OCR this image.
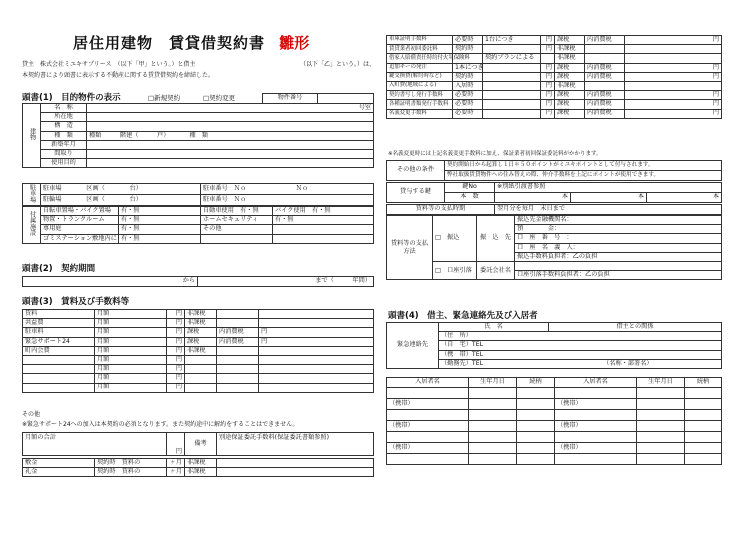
居住用建物　賃貸借契約書 雛形
貸主　株式会社ミユキサプリース　（以下「甲」という。）と借主	（以下「乙」という。）は、
本契約書により頭書に表示する不動産に関する賃貸借契約を締結した。
頭書(1)　目的物件の表示	□新規契約	□契約変更	物件番号	
建物	名　称	号室
	所在地	
	構　造	
	種　類	種類　　　階建（　　　戸） 種　類
	新築年月	
	間取り	
	使用目的	
駐車場	駐車場　　　　区画（　　　　台）	駐車番号　Ｎｏ　　　　　　　　Ｎｏ
	駐輪場　　　　区画（　　　　台）	駐車番号　Ｎｏ
付属施設	自転車置場・バイク置場	有・無	自動車使用　有・無	バイク使用　有・無
	物置・トランクルーム	有・無	ホームセキュリティ	有・無
	専用庭	有・無	その他	
	ゴミステーション敷地内に	有・無		
頭書(2)　契約期間
から	まで（　　　年間）
頭書(3)　賃料及び手数料等
賃料	月額	円	非課税		
共益費	月額	円	非課税		
駐車料	月額	円	課税	内消費税	円
緊急サポート24	月額	円	課税	内消費税	円
町内会費	月額	円	非課税		
	月額	円			
	月額	円			
	月額	円			
	月額	円			
その他
※緊急サポート24への加入は本契約の必須となります。また契約途中に解約をすることはできません。
月額の合計	円	備考	別途保証委託手数料(保証委託書類参照)
敷金	契約時　賃料の	ヶ月	非課税	
礼金	契約時　賃料の	ヶ月	非課税	
車庫証明手数料	必要時	1台につき	円	課税	内消費税	円
賃貸業者初回委託料	契約時		円	非課税		
借家人賠償責任特約付火災保険料		契約プランによる		非課税		
追加キーの発注	1本につき		円	課税	内消費税	円
鍵交換費(解約時など)	契約時		円	課税	内消費税	円
入町費(地域による)	入居時		円	非課税		
契約書写し発行手数料	必要時		円	課税	内消費税	円
各種証明書類発行手数料	必要時		円	課税	内消費税	円
名義変更手数料	必要時		円	課税	内消費税	円
※名義変更時には上記名義変更手数料に加え、保証業者初回保証委託料がかかります。
その他の条件	契約開始日から起算し１日＊５０ポイントがミユキポイントとして付与されます。
弊社取扱賃貸物件への住み替えの際、仲介手数料を上記にポイントが使用できます。
貸与する鍵	鍵No	※別紙引渡書参照		
	本　数	本	本	本
賃料等の支払時期	翌月分を毎月　末日まで
賃料等の支払方法	□　振込	振　込　先	振込先金融機関名：
			預　　　　金：
			口　座　番　号　：
			口　座　名　義　人：
			振込手数料負担者：乙の負担
	□　口座引落	委託会社名	
			口座引落手数料負担者：乙の負担
頭書(4)　借主、緊急連絡先及び入居者
緊急連絡先	氏　名	借主との関係
（住　所）
（自　宅）TEL
（携　帯）TEL
（勤務先）TEL	（名称・部署名）
入居者名	生年月日	続柄	入居者名	生年月日	続柄

（携帯）			（携帯）		

（携帯）			（携帯）		

（携帯）			（携帯）		
